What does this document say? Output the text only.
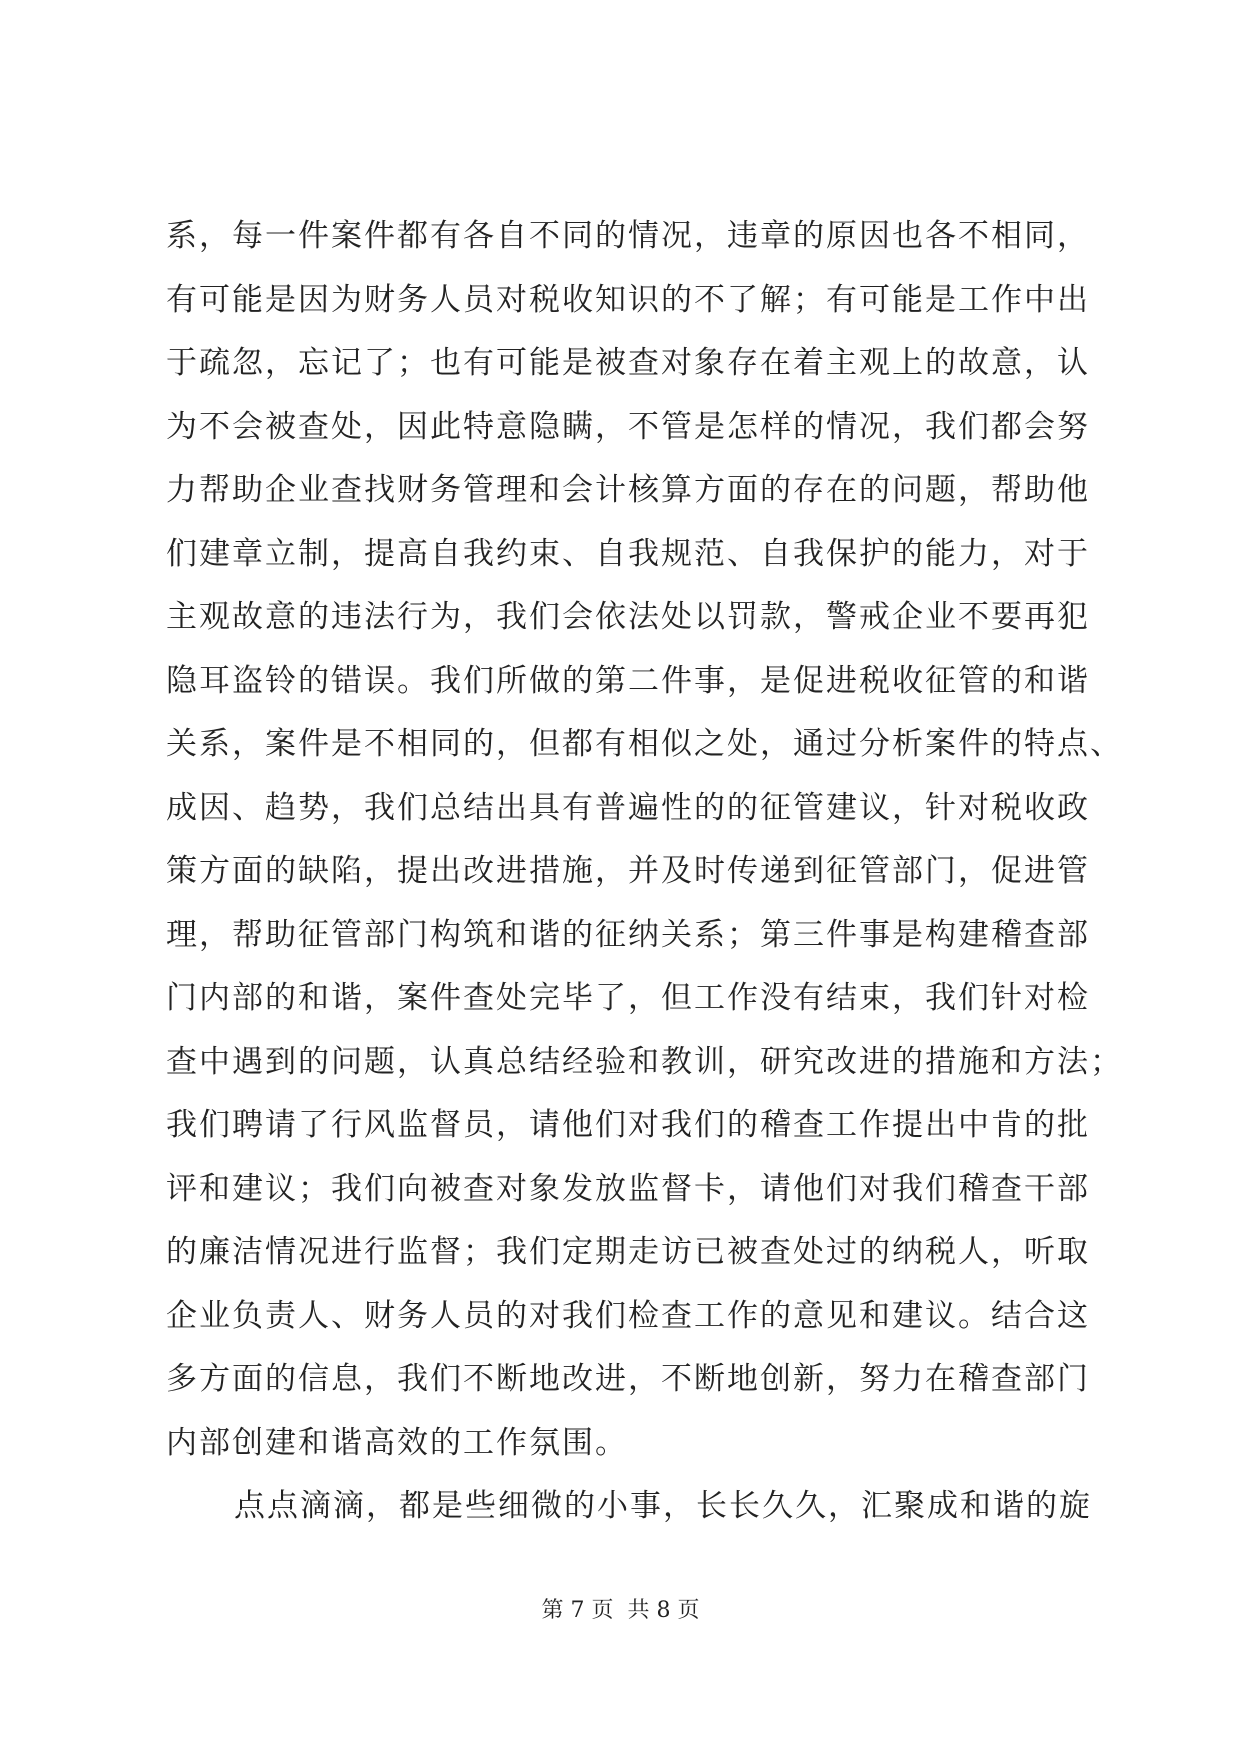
系，每一件案件都有各自不同的情况，违章的原因也各不相同，
有可能是因为财务人员对税收知识的不了解；有可能是工作中出
于疏忽，忘记了；也有可能是被查对象存在着主观上的故意，认
为不会被查处，因此特意隐瞒，不管是怎样的情况，我们都会努
力帮助企业查找财务管理和会计核算方面的存在的问题，帮助他
们建章立制，提高自我约束、自我规范、自我保护的能力，对于
主观故意的违法行为，我们会依法处以罚款，警戒企业不要再犯
隐耳盗铃的错误。我们所做的第二件事，是促进税收征管的和谐
关系，案件是不相同的，但都有相似之处，通过分析案件的特点、
成因、趋势，我们总结出具有普遍性的的征管建议，针对税收政
策方面的缺陷，提出改进措施，并及时传递到征管部门，促进管
理，帮助征管部门构筑和谐的征纳关系；第三件事是构建稽查部
门内部的和谐，案件查处完毕了，但工作没有结束，我们针对检
查中遇到的问题，认真总结经验和教训，研究改进的措施和方法；
我们聘请了行风监督员，请他们对我们的稽查工作提出中肯的批
评和建议；我们向被查对象发放监督卡，请他们对我们稽查干部
的廉洁情况进行监督；我们定期走访已被查处过的纳税人，听取
企业负责人、财务人员的对我们检查工作的意见和建议。结合这
多方面的信息，我们不断地改进，不断地创新，努力在稽查部门
内部创建和谐高效的工作氛围。
点点滴滴，都是些细微的小事，长长久久，汇聚成和谐的旋
第 7 页  共 8 页
